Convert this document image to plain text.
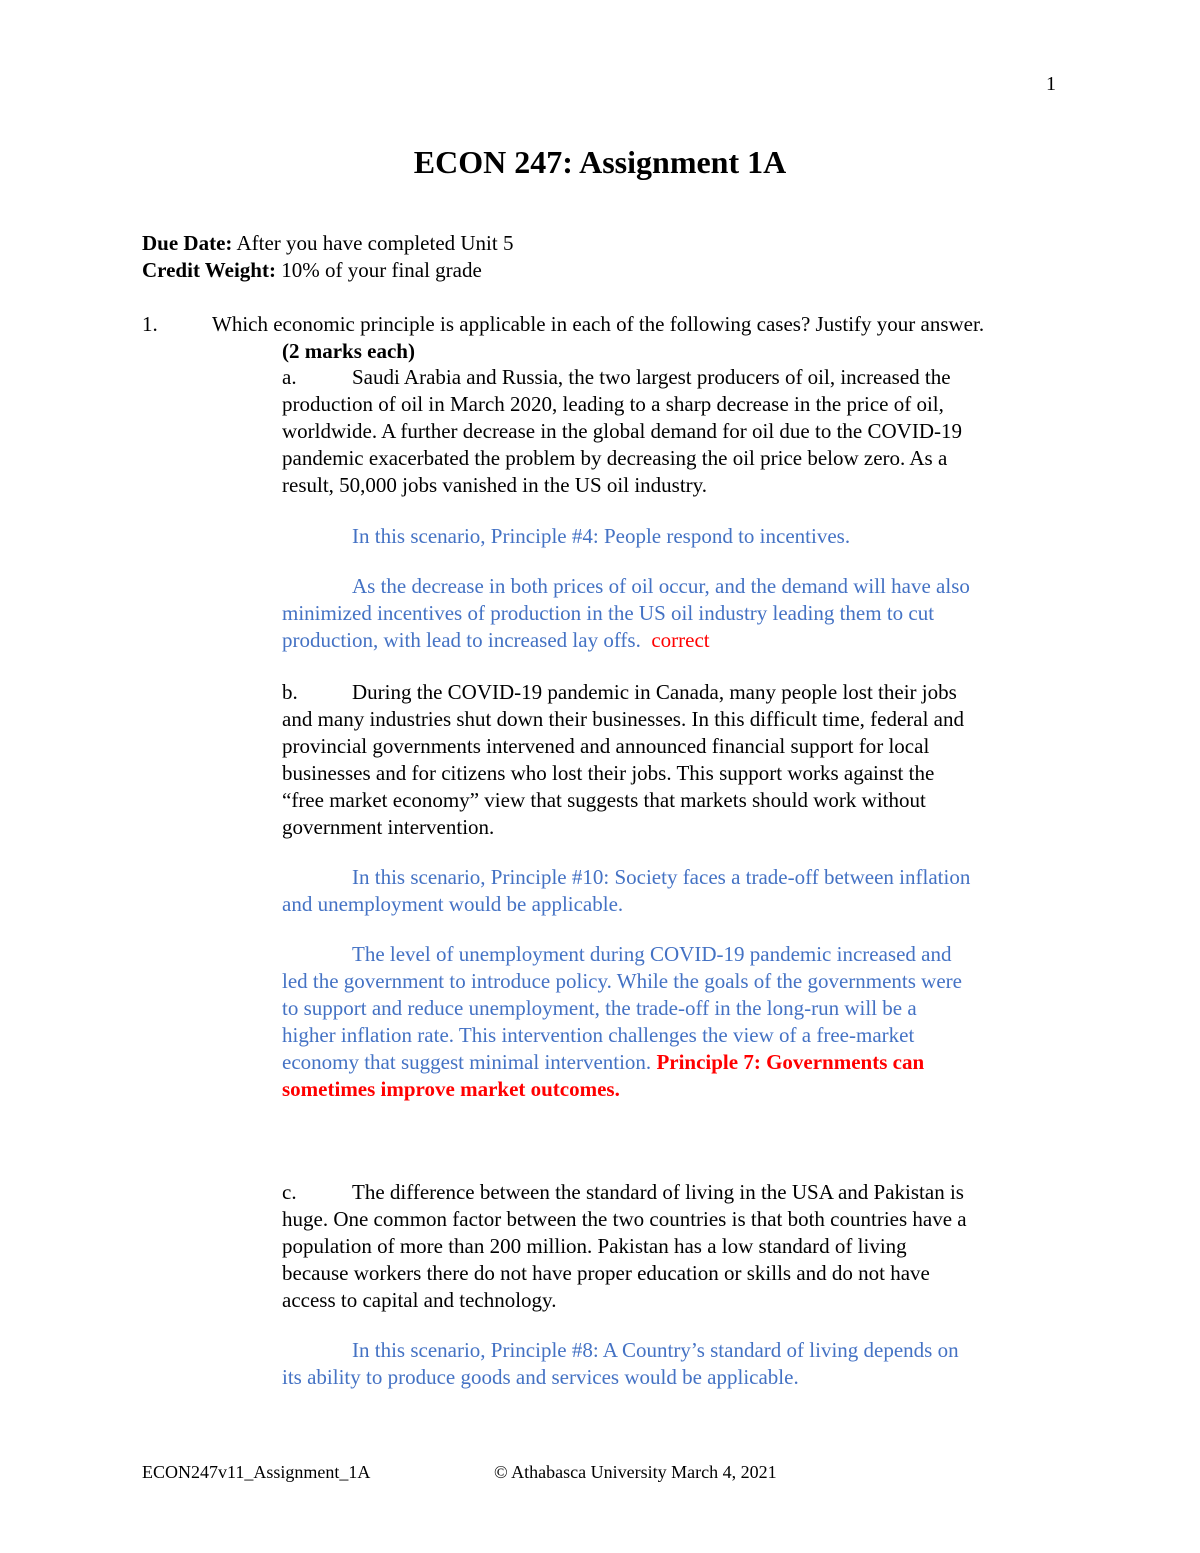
1
ECON 247: Assignment 1A
Due Date: After you have completed Unit 5
Credit Weight: 10% of your final grade
1.	Which economic principle is applicable in each of the following cases? Justify your answer.
(2 marks each)
a.	Saudi Arabia and Russia, the two largest producers of oil, increased the
production of oil in March 2020, leading to a sharp decrease in the price of oil,
worldwide. A further decrease in the global demand for oil due to the COVID-19
pandemic exacerbated the problem by decreasing the oil price below zero. As a
result, 50,000 jobs vanished in the US oil industry.
In this scenario, Principle #4: People respond to incentives.
As the decrease in both prices of oil occur, and the demand will have also
minimized incentives of production in the US oil industry leading them to cut
production, with lead to increased lay offs. correct
b.	During the COVID-19 pandemic in Canada, many people lost their jobs
and many industries shut down their businesses. In this difficult time, federal and
provincial governments intervened and announced financial support for local
businesses and for citizens who lost their jobs. This support works against the
“free market economy” view that suggests that markets should work without
government intervention.
In this scenario, Principle #10: Society faces a trade-off between inflation
and unemployment would be applicable.
The level of unemployment during COVID-19 pandemic increased and
led the government to introduce policy. While the goals of the governments were
to support and reduce unemployment, the trade-off in the long-run will be a
higher inflation rate. This intervention challenges the view of a free-market
economy that suggest minimal intervention. Principle 7: Governments can
sometimes improve market outcomes.
c.	The difference between the standard of living in the USA and Pakistan is
huge. One common factor between the two countries is that both countries have a
population of more than 200 million. Pakistan has a low standard of living
because workers there do not have proper education or skills and do not have
access to capital and technology.
In this scenario, Principle #8: A Country’s standard of living depends on
its ability to produce goods and services would be applicable.
ECON247v11_Assignment_1A	© Athabasca University March 4, 2021
